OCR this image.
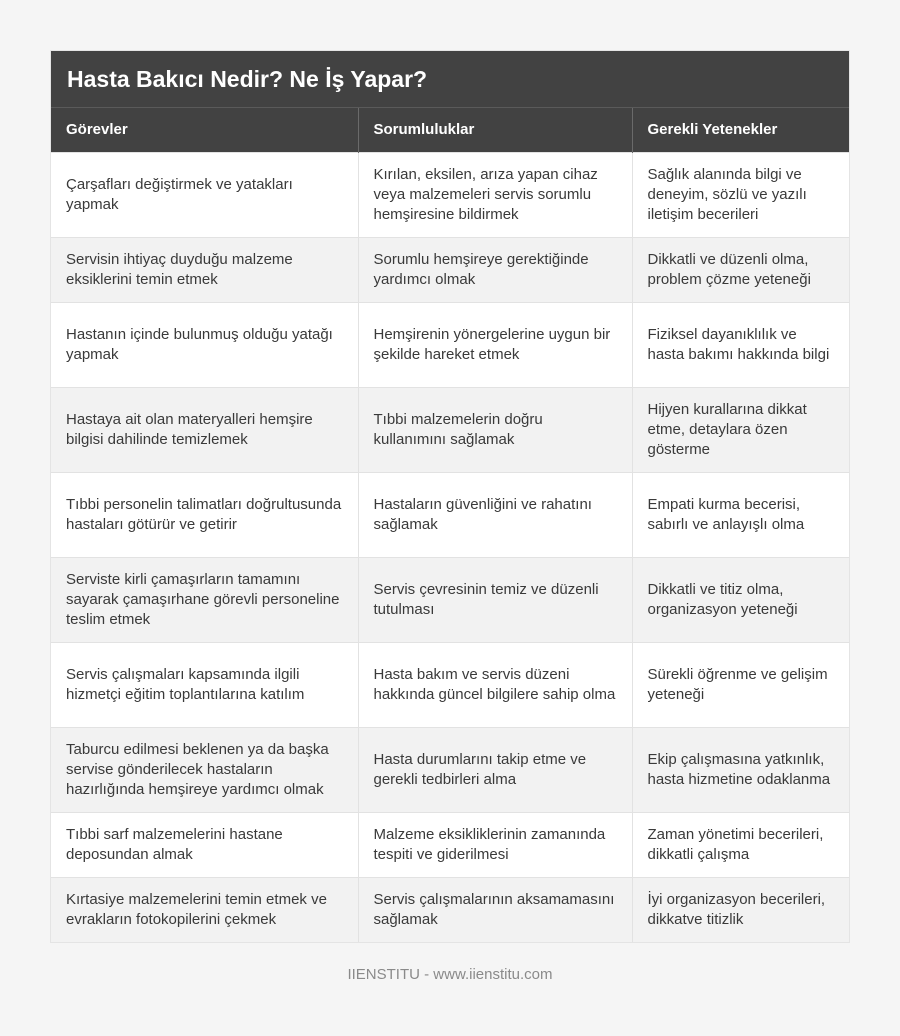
Hasta Bakıcı Nedir? Ne İş Yapar?
Görevler	Sorumluluklar	Gerekli Yetenekler
Çarşafları değiştirmek ve yatakları yapmak	Kırılan, eksilen, arıza yapan cihaz veya malzemeleri servis sorumlu hemşiresine bildirmek	Sağlık alanında bilgi ve deneyim, sözlü ve yazılı iletişim becerileri
Servisin ihtiyaç duyduğu malzeme eksiklerini temin etmek	Sorumlu hemşireye gerektiğinde yardımcı olmak	Dikkatli ve düzenli olma, problem çözme yeteneği
Hastanın içinde bulunmuş olduğu yatağı yapmak	Hemşirenin yönergelerine uygun bir şekilde hareket etmek	Fiziksel dayanıklılık ve hasta bakımı hakkında bilgi
Hastaya ait olan materyalleri hemşire bilgisi dahilinde temizlemek	Tıbbi malzemelerin doğru kullanımını sağlamak	Hijyen kurallarına dikkat etme, detaylara özen gösterme
Tıbbi personelin talimatları doğrultusunda hastaları götürür ve getirir	Hastaların güvenliğini ve rahatını sağlamak	Empati kurma becerisi, sabırlı ve anlayışlı olma
Serviste kirli çamaşırların tamamını sayarak çamaşırhane görevli personeline teslim etmek	Servis çevresinin temiz ve düzenli tutulması	Dikkatli ve titiz olma, organizasyon yeteneği
Servis çalışmaları kapsamında ilgili hizmetçi eğitim toplantılarına katılım	Hasta bakım ve servis düzeni hakkında güncel bilgilere sahip olma	Sürekli öğrenme ve gelişim yeteneği
Taburcu edilmesi beklenen ya da başka servise gönderilecek hastaların hazırlığında hemşireye yardımcı olmak	Hasta durumlarını takip etme ve gerekli tedbirleri alma	Ekip çalışmasına yatkınlık, hasta hizmetine odaklanma
Tıbbi sarf malzemelerini hastane deposundan almak	Malzeme eksikliklerinin zamanında tespiti ve giderilmesi	Zaman yönetimi becerileri, dikkatli çalışma
Kırtasiye malzemelerini temin etmek ve evrakların fotokopilerini çekmek	Servis çalışmalarının aksamamasını sağlamak	İyi organizasyon becerileri, dikkatve titizlik
IIENSTITU - www.iienstitu.com
